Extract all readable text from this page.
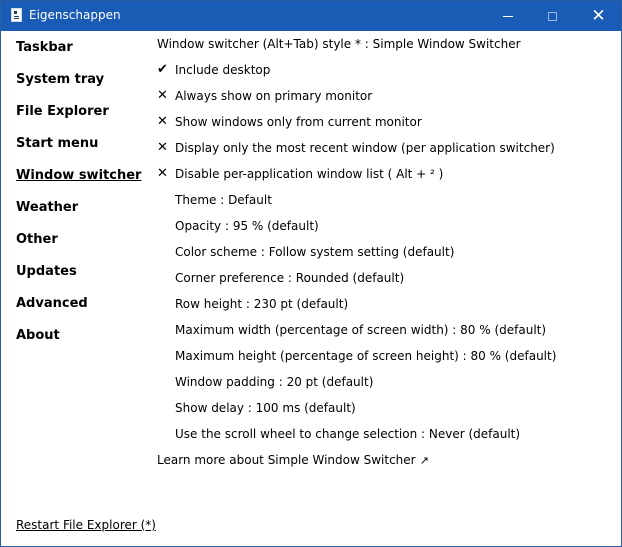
Eigenschappen	✕
Taskbar
System tray
File Explorer
Start menu
Window switcher
Weather
Other
Updates
Advanced
About
Restart File Explorer (*)
Window switcher (Alt+Tab) style * : Simple Window Switcher
✔ Include desktop
✕ Always show on primary monitor
✕ Show windows only from current monitor
✕ Display only the most recent window (per application switcher)
✕ Disable per-application window list ( Alt + ² )
Theme : Default
Opacity : 95 % (default)
Color scheme : Follow system setting (default)
Corner preference : Rounded (default)
Row height : 230 pt (default)
Maximum width (percentage of screen width) : 80 % (default)
Maximum height (percentage of screen height) : 80 % (default)
Window padding : 20 pt (default)
Show delay : 100 ms (default)
Use the scroll wheel to change selection : Never (default)
Learn more about Simple Window Switcher ↗
